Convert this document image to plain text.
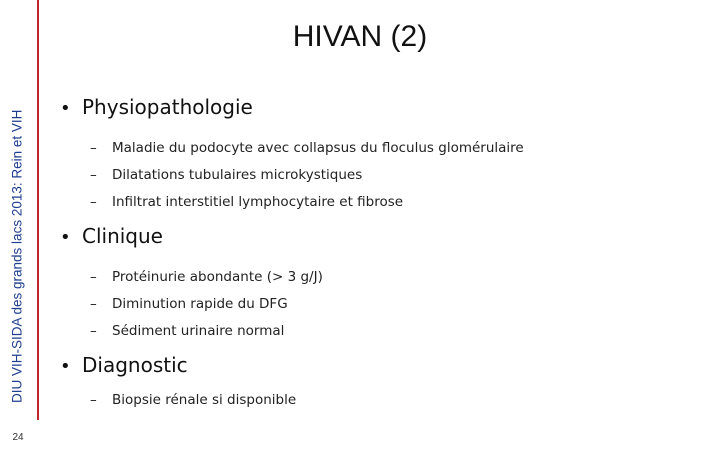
DIU VIH-SIDA des grands lacs 2013: Rein et VIH
24
HIVAN (2)
• Physiopathologie
–	Maladie du podocyte avec collapsus du floculus glomérulaire
–	Dilatations tubulaires microkystiques
–	Infiltrat interstitiel lymphocytaire et fibrose
• Clinique
–	Protéinurie abondante (> 3 g/J)
–	Diminution rapide du DFG
–	Sédiment urinaire normal
• Diagnostic
–	Biopsie rénale si disponible
